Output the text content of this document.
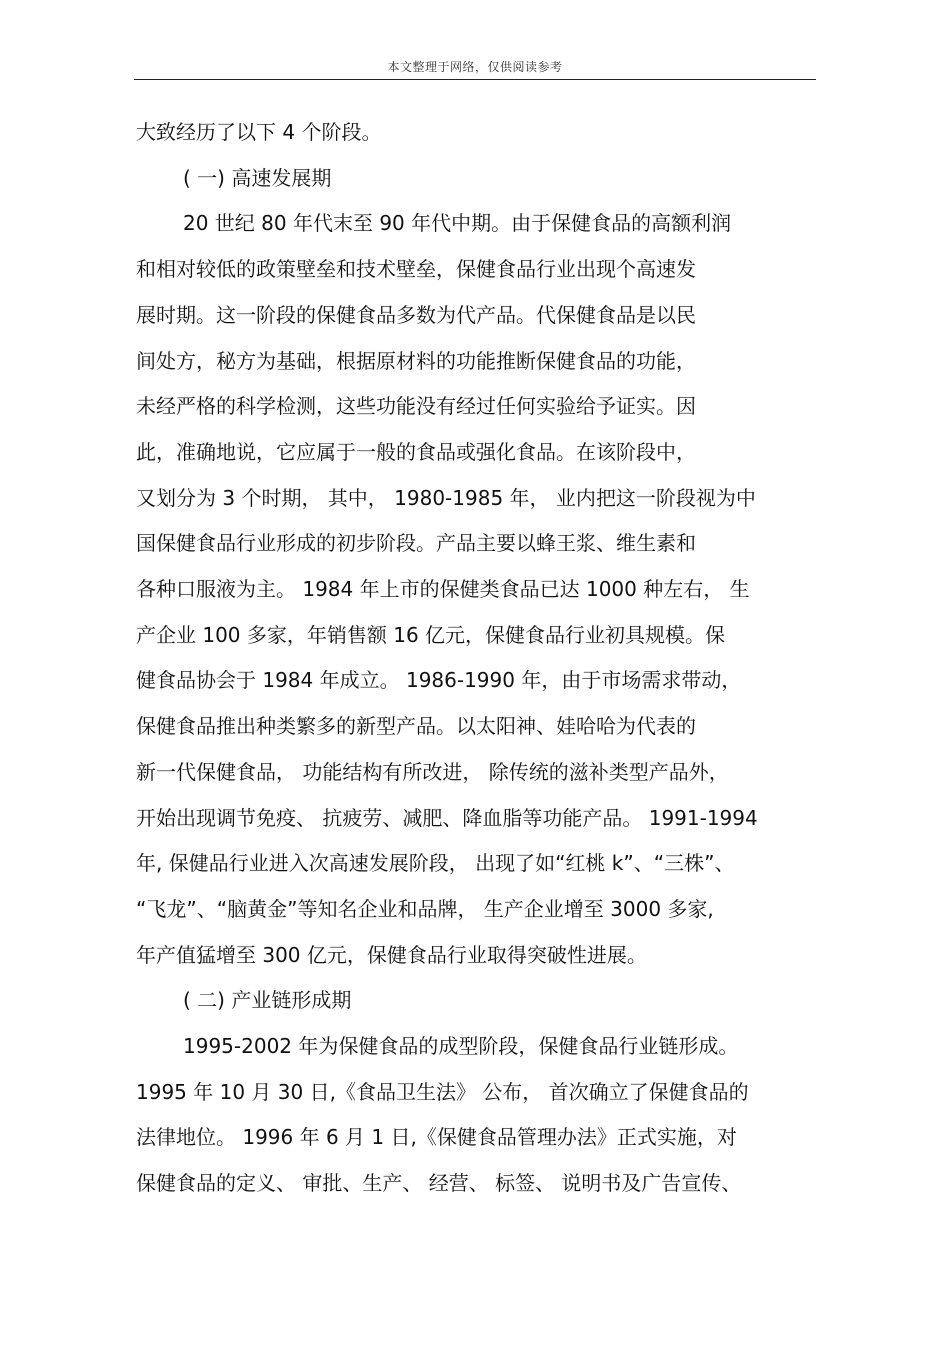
本文整理于网络，仅供阅读参考
大致经历了以下 4 个阶段。
( 一) 高速发展期
20 世纪 80 年代末至 90 年代中期。由于保健食品的高额利润
和相对较低的政策壁垒和技术壁垒，保健食品行业出现个高速发
展时期。这一阶段的保健食品多数为代产品。代保健食品是以民
间处方，秘方为基础，根据原材料的功能推断保健食品的功能，
未经严格的科学检测，这些功能没有经过任何实验给予证实。因
此，准确地说，它应属于一般的食品或强化食品。在该阶段中，
又划分为 3 个时期， 其中， 1980-1985 年， 业内把这一阶段视为中
国保健食品行业形成的初步阶段。产品主要以蜂王浆、维生素和
各种口服液为主。 1984 年上市的保健类食品已达 1000 种左右， 生
产企业 100 多家，年销售额 16 亿元，保健食品行业初具规模。保
健食品协会于 1984 年成立。 1986-1990 年，由于市场需求带动，
保健食品推出种类繁多的新型产品。以太阳神、娃哈哈为代表的
新一代保健食品， 功能结构有所改进， 除传统的滋补类型产品外，
开始出现调节免疫、 抗疲劳、减肥、降血脂等功能产品。 1991-1994
年, 保健品行业进入次高速发展阶段， 出现了如“红桃 k”、“三株”、
“飞龙”、“脑黄金”等知名企业和品牌， 生产企业增至 3000 多家,
年产值猛增至 300 亿元，保健食品行业取得突破性进展。
( 二) 产业链形成期
1995-2002 年为保健食品的成型阶段，保健食品行业链形成。
1995 年 10 月 30 日,《食品卫生法》 公布， 首次确立了保健食品的
法律地位。 1996 年 6 月 1 日,《保健食品管理办法》正式实施，对
保健食品的定义、 审批、生产、 经营、 标签、 说明书及广告宣传、
